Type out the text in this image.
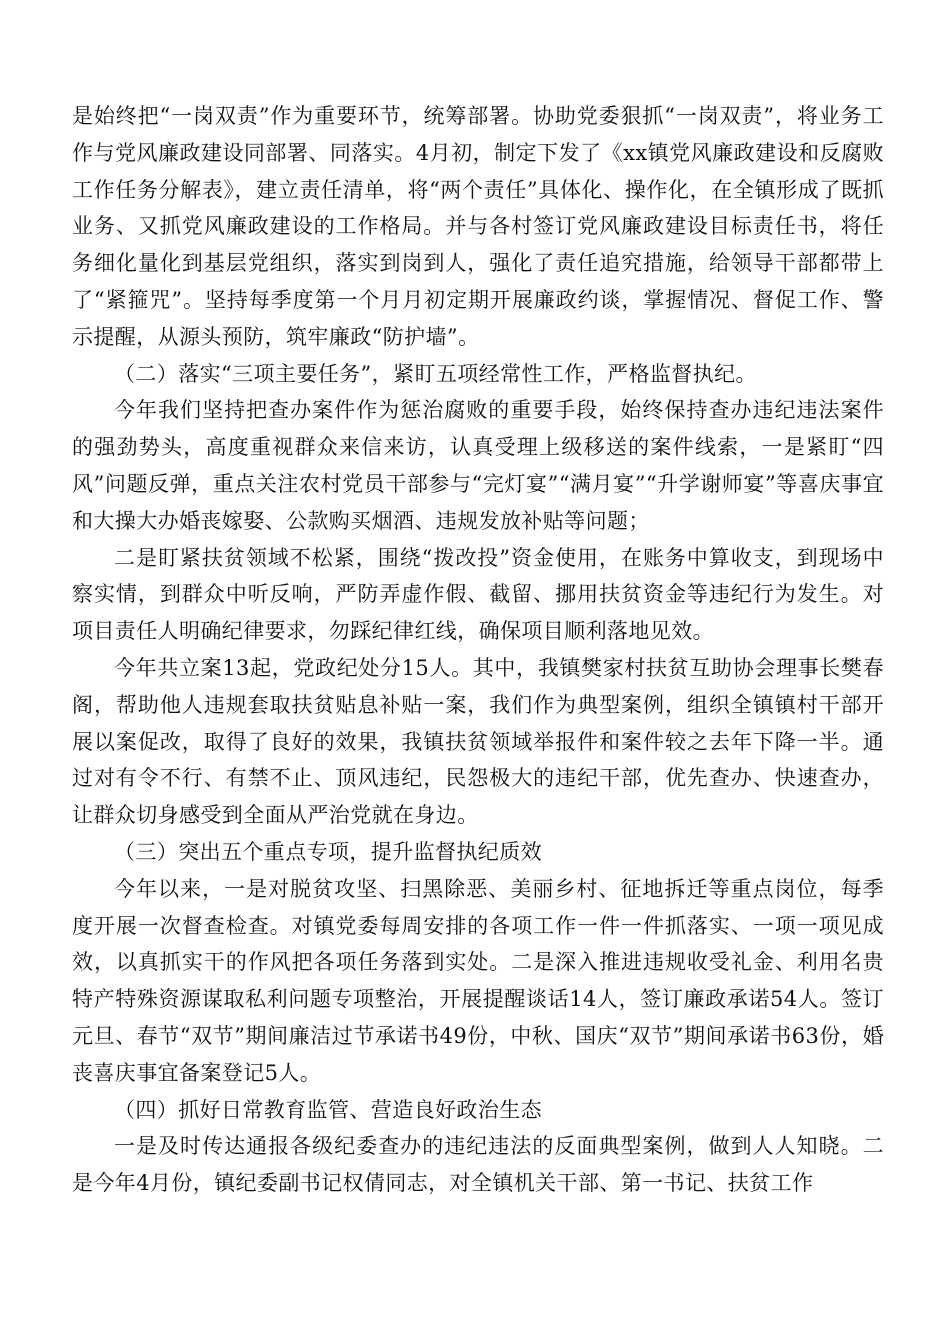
是始终把“一岗双责”作为重要环节，统筹部署。协助党委狠抓“一岗双责”，将业务工作与党风廉政建设同部署、同落实。4月初，制定下发了《xx镇党风廉政建设和反腐败工作任务分解表》，建立责任清单，将“两个责任”具体化、操作化，在全镇形成了既抓业务、又抓党风廉政建设的工作格局。并与各村签订党风廉政建设目标责任书，将任务细化量化到基层党组织，落实到岗到人，强化了责任追究措施，给领导干部都带上了“紧箍咒”。坚持每季度第一个月月初定期开展廉政约谈，掌握情况、督促工作、警示提醒，从源头预防，筑牢廉政“防护墙”。

（二）落实“三项主要任务”，紧盯五项经常性工作，严格监督执纪。

今年我们坚持把查办案件作为惩治腐败的重要手段，始终保持查办违纪违法案件的强劲势头，高度重视群众来信来访，认真受理上级移送的案件线索，一是紧盯“四风”问题反弹，重点关注农村党员干部参与“完灯宴”“满月宴”“升学谢师宴”等喜庆事宜和大操大办婚丧嫁娶、公款购买烟酒、违规发放补贴等问题；

二是盯紧扶贫领域不松紧，围绕“拨改投”资金使用，在账务中算收支，到现场中察实情，到群众中听反响，严防弄虚作假、截留、挪用扶贫资金等违纪行为发生。对项目责任人明确纪律要求，勿踩纪律红线，确保项目顺利落地见效。

今年共立案13起，党政纪处分15人。其中，我镇樊家村扶贫互助协会理事长樊春阁，帮助他人违规套取扶贫贴息补贴一案，我们作为典型案例，组织全镇镇村干部开展以案促改，取得了良好的效果，我镇扶贫领域举报件和案件较之去年下降一半。通过对有令不行、有禁不止、顶风违纪，民怨极大的违纪干部，优先查办、快速查办，让群众切身感受到全面从严治党就在身边。

（三）突出五个重点专项，提升监督执纪质效

今年以来，一是对脱贫攻坚、扫黑除恶、美丽乡村、征地拆迁等重点岗位，每季度开展一次督查检查。对镇党委每周安排的各项工作一件一件抓落实、一项一项见成效，以真抓实干的作风把各项任务落到实处。二是深入推进违规收受礼金、利用名贵特产特殊资源谋取私利问题专项整治，开展提醒谈话14人，签订廉政承诺54人。签订元旦、春节“双节”期间廉洁过节承诺书49份，中秋、国庆“双节”期间承诺书63份，婚丧喜庆事宜备案登记5人。

（四）抓好日常教育监管、营造良好政治生态

一是及时传达通报各级纪委查办的违纪违法的反面典型案例，做到人人知晓。二是今年4月份，镇纪委副书记权倩同志，对全镇机关干部、第一书记、扶贫工作
